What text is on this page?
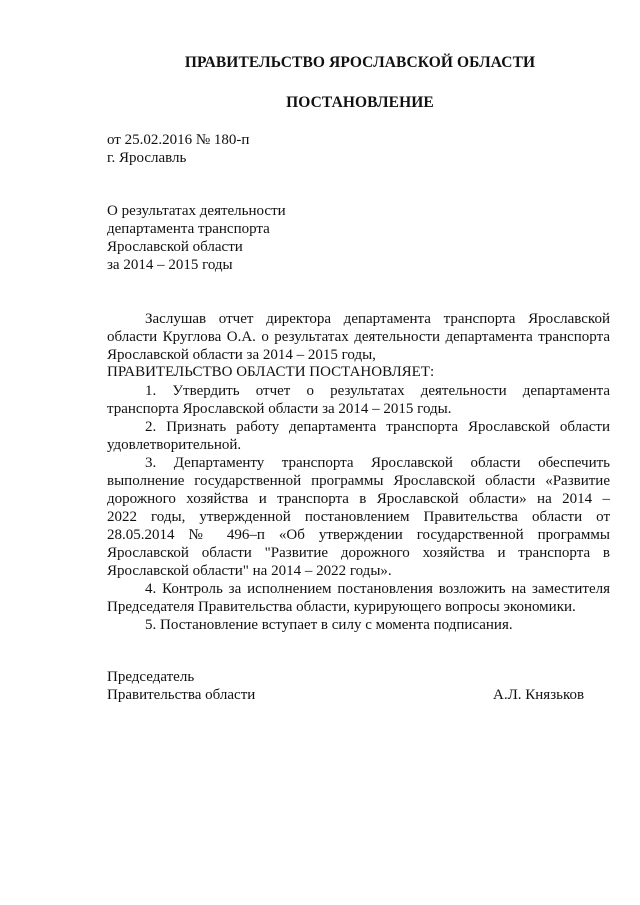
ПРАВИТЕЛЬСТВО ЯРОСЛАВСКОЙ ОБЛАСТИ
ПОСТАНОВЛЕНИЕ
от 25.02.2016 № 180-п
г. Ярославль
О результатах деятельности
департамента транспорта
Ярославской области
за 2014 – 2015 годы
Заслушав отчет директора департамента транспорта Ярославской
области Круглова О.А. о результатах деятельности департамента транспорта
Ярославской области за 2014 – 2015 годы,
ПРАВИТЕЛЬСТВО ОБЛАСТИ ПОСТАНОВЛЯЕТ:
1. Утвердить отчет о результатах деятельности департамента
транспорта Ярославской области за 2014 – 2015 годы.
2. Признать работу департамента транспорта Ярославской области
удовлетворительной.
3. Департаменту транспорта Ярославской области обеспечить
выполнение государственной программы Ярославской области «Развитие
дорожного хозяйства и транспорта в Ярославской области» на 2014 –
2022 годы, утвержденной постановлением Правительства области от
28.05.2014 № 496–п «Об утверждении государственной программы
Ярославской области "Развитие дорожного хозяйства и транспорта в
Ярославской области" на 2014 – 2022 годы».
4. Контроль за исполнением постановления возложить на заместителя
Председателя Правительства области, курирующего вопросы экономики.
5. Постановление вступает в силу с момента подписания.
Председатель
Правительства области	А.Л. Князьков
